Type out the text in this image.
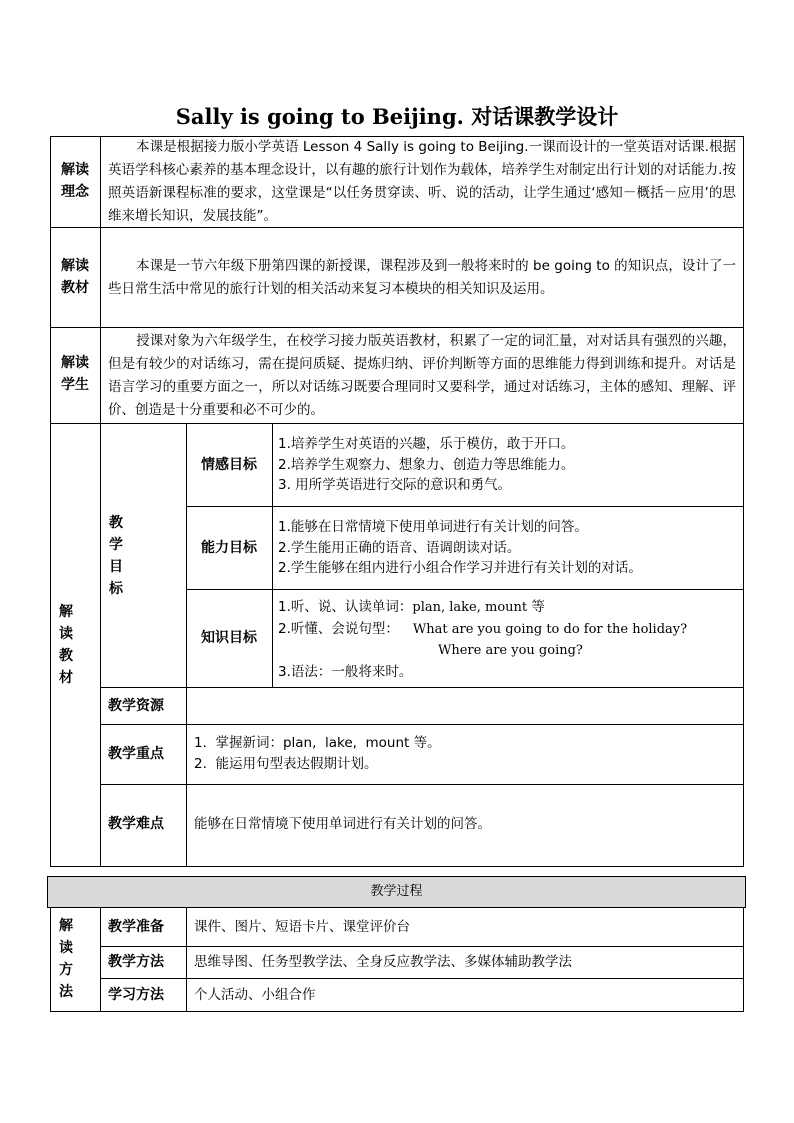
Sally is going to Beijing. 对话课教学设计
解读
理念
本课是根据接力版小学英语 Lesson 4 Sally is going to Beijing.一课而设计的一堂英语对话课.根据英语学科核心素养的基本理念设计，以有趣的旅行计划作为载体，培养学生对制定出行计划的对话能力.按照英语新课程标准的要求，这堂课是“以任务贯穿读、听、说的活动，让学生通过‘感知－概括－应用’的思维来增长知识，发展技能”。
解读
教材
本课是一节六年级下册第四课的新授课，课程涉及到一般将来时的 be going to 的知识点，设计了一些日常生活中常见的旅行计划的相关活动来复习本模块的相关知识及运用。
解读
学生
授课对象为六年级学生，在校学习接力版英语教材，积累了一定的词汇量，对对话具有强烈的兴趣，但是有较少的对话练习，需在提问质疑、提炼归纳、评价判断等方面的思维能力得到训练和提升。对话是语言学习的重要方面之一，所以对话练习既要合理同时又要科学，通过对话练习，主体的感知、理解、评价、创造是十分重要和必不可少的。
解
读
教
材
教
学
目
标
情感目标
1.培养学生对英语的兴趣，乐于模仿，敢于开口。
2.培养学生观察力、想象力、创造力等思维能力。
3. 用所学英语进行交际的意识和勇气。
能力目标
1.能够在日常情境下使用单词进行有关计划的问答。
2.学生能用正确的语音、语调朗读对话。
2.学生能够在组内进行小组合作学习并进行有关计划的对话。
知识目标
1.听、说、认读单词：plan, lake, mount 等
2.听懂、会说句型： What are you going to do for the holiday?
Where are you going?
3.语法：一般将来时。
教学资源
教学重点
1.  掌握新词：plan,  lake,  mount 等。
2.  能运用句型表达假期计划。
教学难点 能够在日常情境下使用单词进行有关计划的问答。
教学过程
解
读
方
法
教学准备 课件、图片、短语卡片、课堂评价台
教学方法 思维导图、任务型教学法、全身反应教学法、多媒体辅助教学法
学习方法 个人活动、小组合作
